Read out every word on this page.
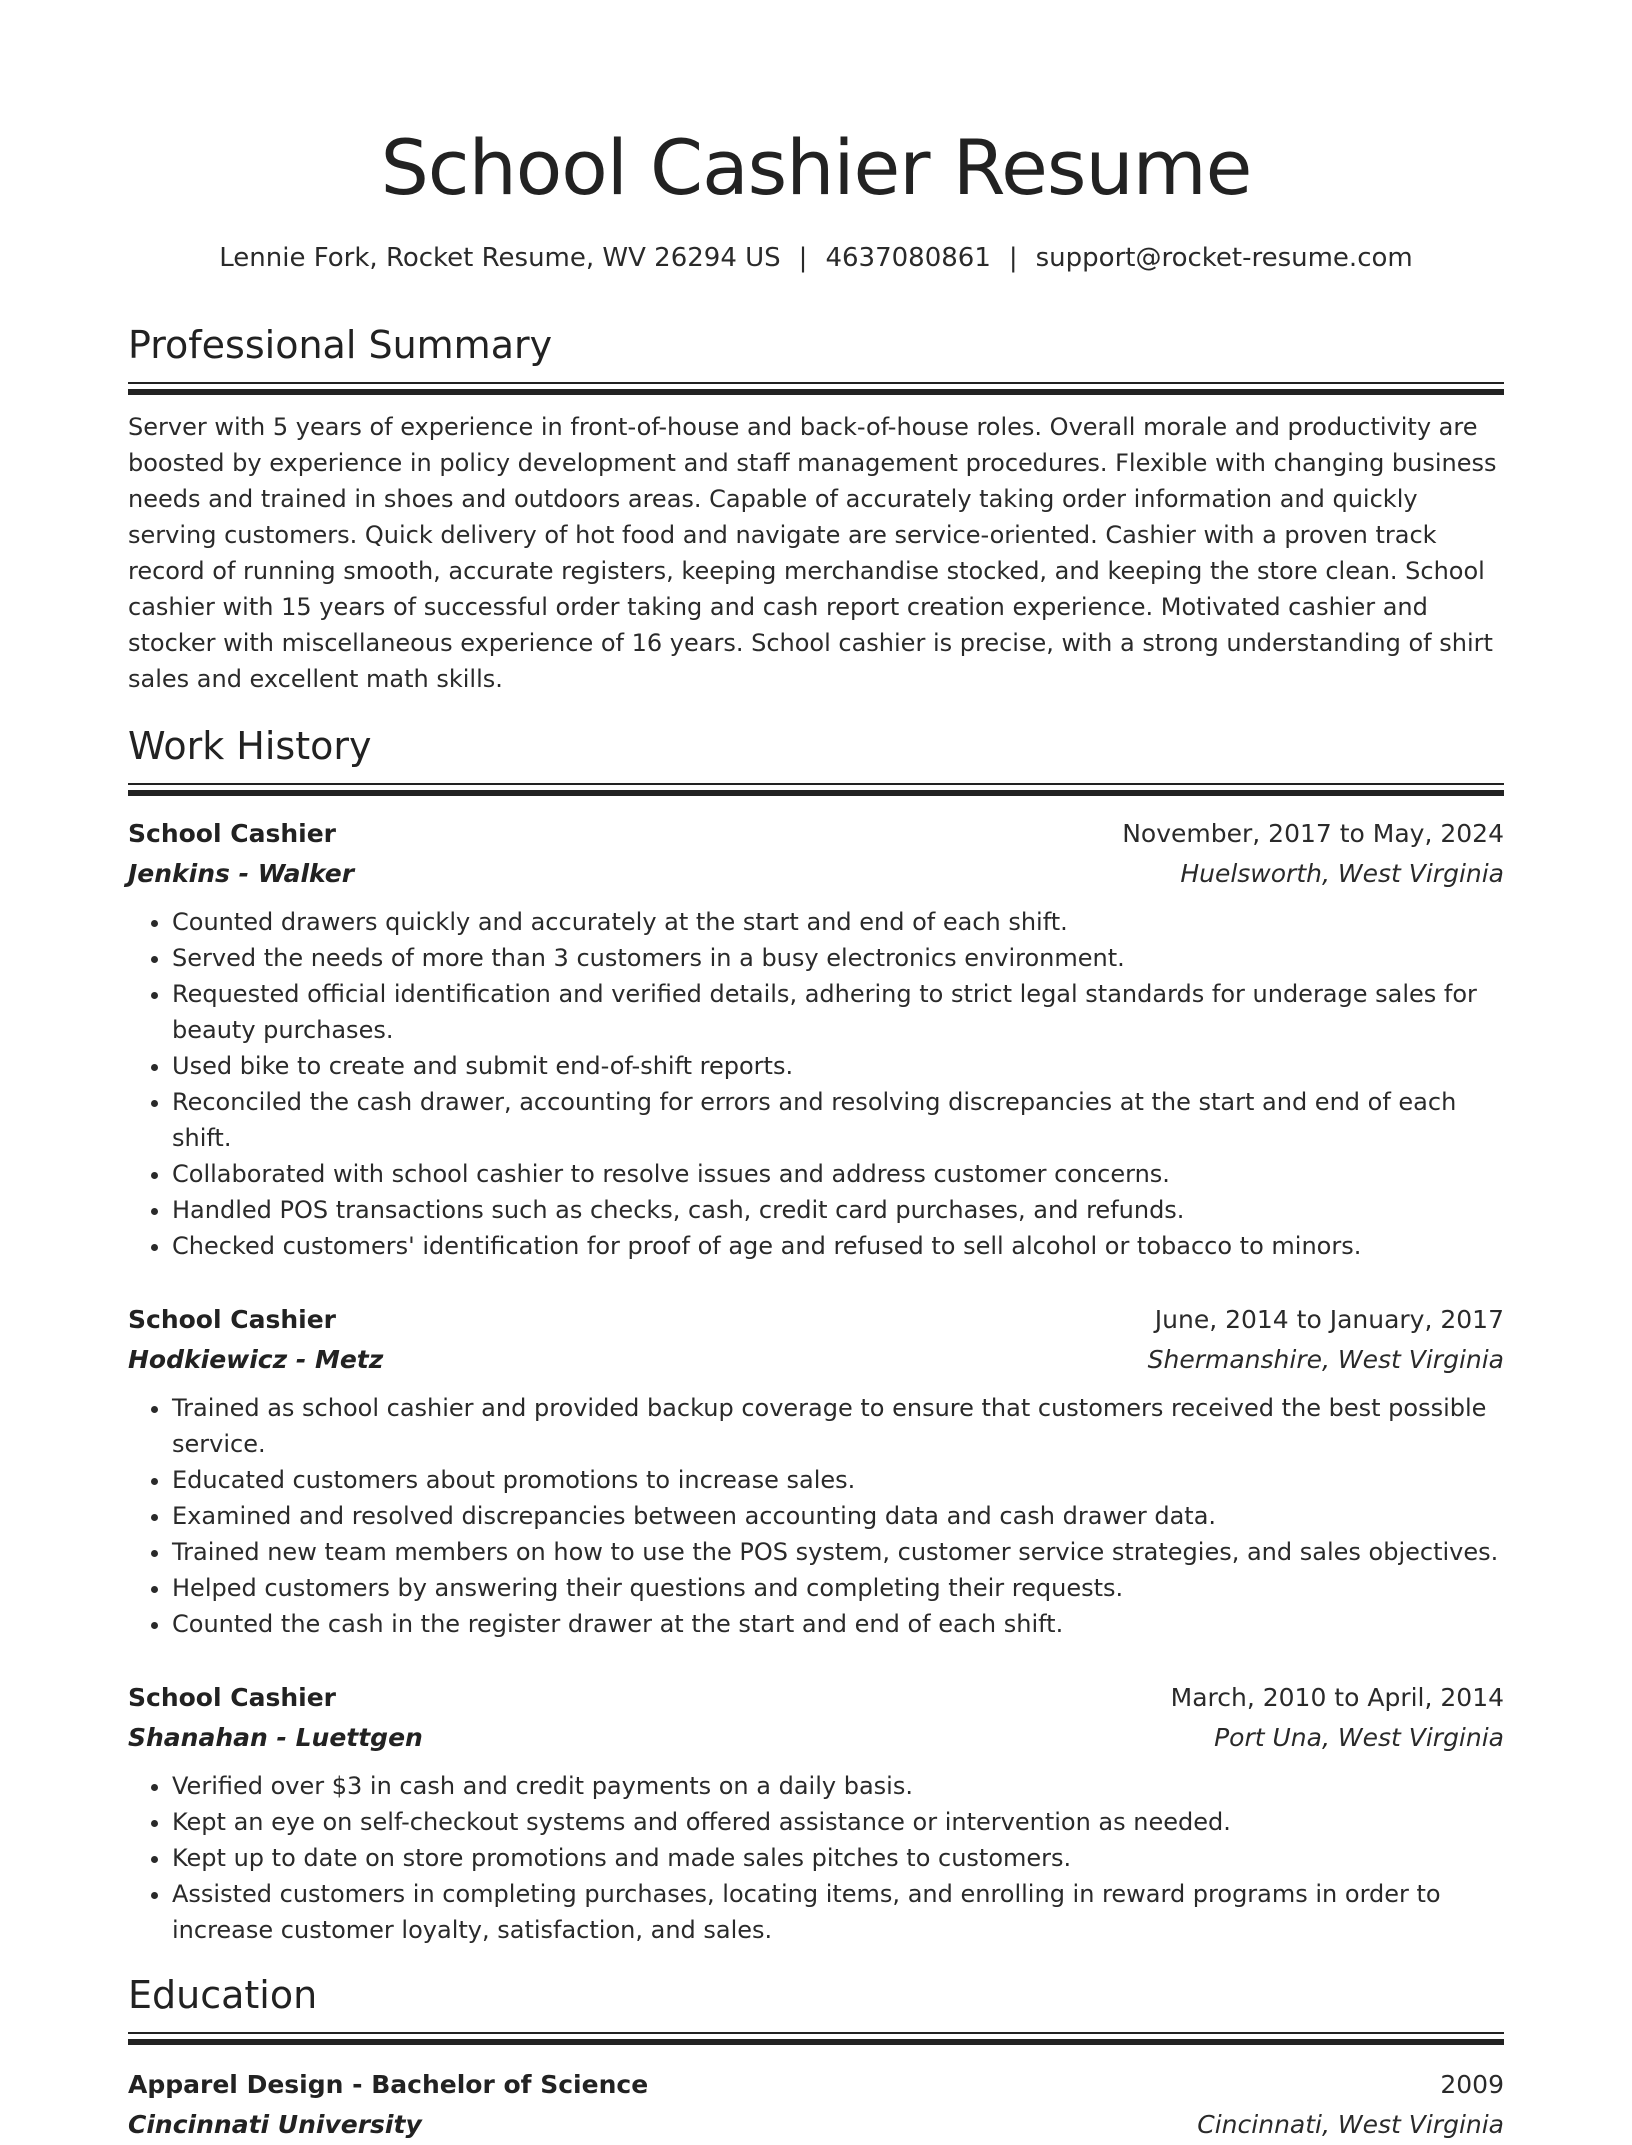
School Cashier Resume
Lennie Fork, Rocket Resume, WV 26294 US | 4637080861 | support@rocket-resume.com
Professional Summary

Server with 5 years of experience in front-of-house and back-of-house roles. Overall morale and productivity are boosted by experience in policy development and staff management procedures. Flexible with changing business needs and trained in shoes and outdoors areas. Capable of accurately taking order information and quickly serving customers. Quick delivery of hot food and navigate are service-oriented. Cashier with a proven track record of running smooth, accurate registers, keeping merchandise stocked, and keeping the store clean. School cashier with 15 years of successful order taking and cash report creation experience. Motivated cashier and stocker with miscellaneous experience of 16 years. School cashier is precise, with a strong understanding of shirt sales and excellent math skills.

Work History
School Cashier	November, 2017 to May, 2024
Jenkins - Walker	Huelsworth, West Virginia
• Counted drawers quickly and accurately at the start and end of each shift.
• Served the needs of more than 3 customers in a busy electronics environment.
• Requested official identification and verified details, adhering to strict legal standards for underage sales for beauty purchases.
• Used bike to create and submit end-of-shift reports.
• Reconciled the cash drawer, accounting for errors and resolving discrepancies at the start and end of each shift.
• Collaborated with school cashier to resolve issues and address customer concerns.
• Handled POS transactions such as checks, cash, credit card purchases, and refunds.
• Checked customers' identification for proof of age and refused to sell alcohol or tobacco to minors.
School Cashier	June, 2014 to January, 2017
Hodkiewicz - Metz	Shermanshire, West Virginia
• Trained as school cashier and provided backup coverage to ensure that customers received the best possible service.
• Educated customers about promotions to increase sales.
• Examined and resolved discrepancies between accounting data and cash drawer data.
• Trained new team members on how to use the POS system, customer service strategies, and sales objectives.
• Helped customers by answering their questions and completing their requests.
• Counted the cash in the register drawer at the start and end of each shift.
School Cashier	March, 2010 to April, 2014
Shanahan - Luettgen	Port Una, West Virginia
• Verified over $3 in cash and credit payments on a daily basis.
• Kept an eye on self-checkout systems and offered assistance or intervention as needed.
• Kept up to date on store promotions and made sales pitches to customers.
• Assisted customers in completing purchases, locating items, and enrolling in reward programs in order to increase customer loyalty, satisfaction, and sales.
Education
Apparel Design - Bachelor of Science	2009
Cincinnati University	Cincinnati, West Virginia
